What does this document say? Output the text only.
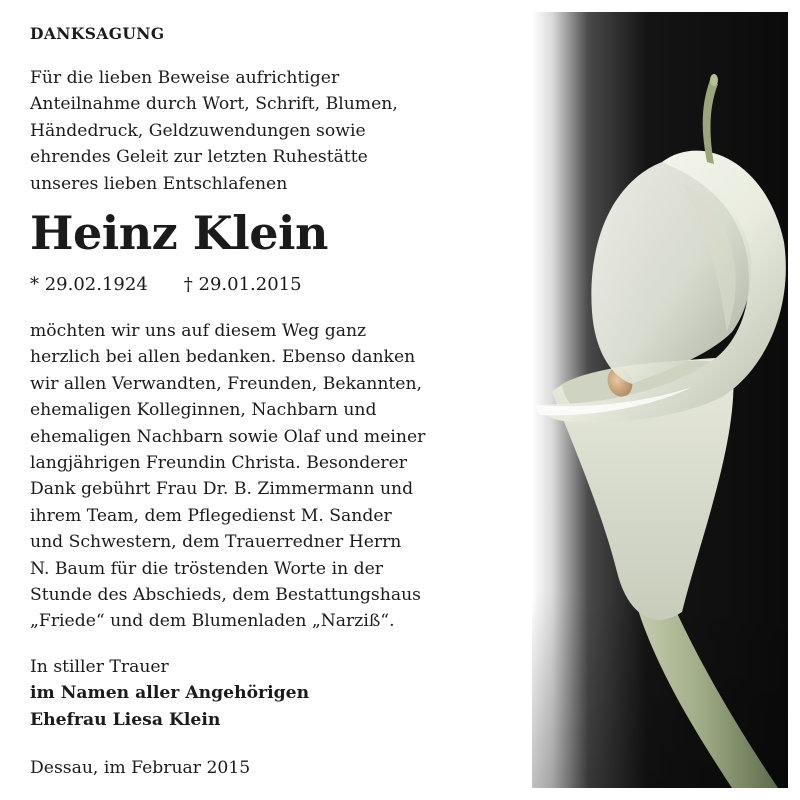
DANKSAGUNG
Für die lieben Beweise aufrichtiger
Anteilnahme durch Wort, Schrift, Blumen,
Händedruck, Geldzuwendungen sowie
ehrendes Geleit zur letzten Ruhestätte
unseres lieben Entschlafenen
Heinz Klein
* 29.02.1924 † 29.01.2015
möchten wir uns auf diesem Weg ganz
herzlich bei allen bedanken. Ebenso danken
wir allen Verwandten, Freunden, Bekannten,
ehemaligen Kolleginnen, Nachbarn und
ehemaligen Nachbarn sowie Olaf und meiner
langjährigen Freundin Christa. Besonderer
Dank gebührt Frau Dr. B. Zimmermann und
ihrem Team, dem Pflegedienst M. Sander
und Schwestern, dem Trauerredner Herrn
N. Baum für die tröstenden Worte in der
Stunde des Abschieds, dem Bestattungshaus
„Friede“ und dem Blumenladen „Narziß“.
In stiller Trauer
im Namen aller Angehörigen
Ehefrau Liesa Klein
Dessau, im Februar 2015
